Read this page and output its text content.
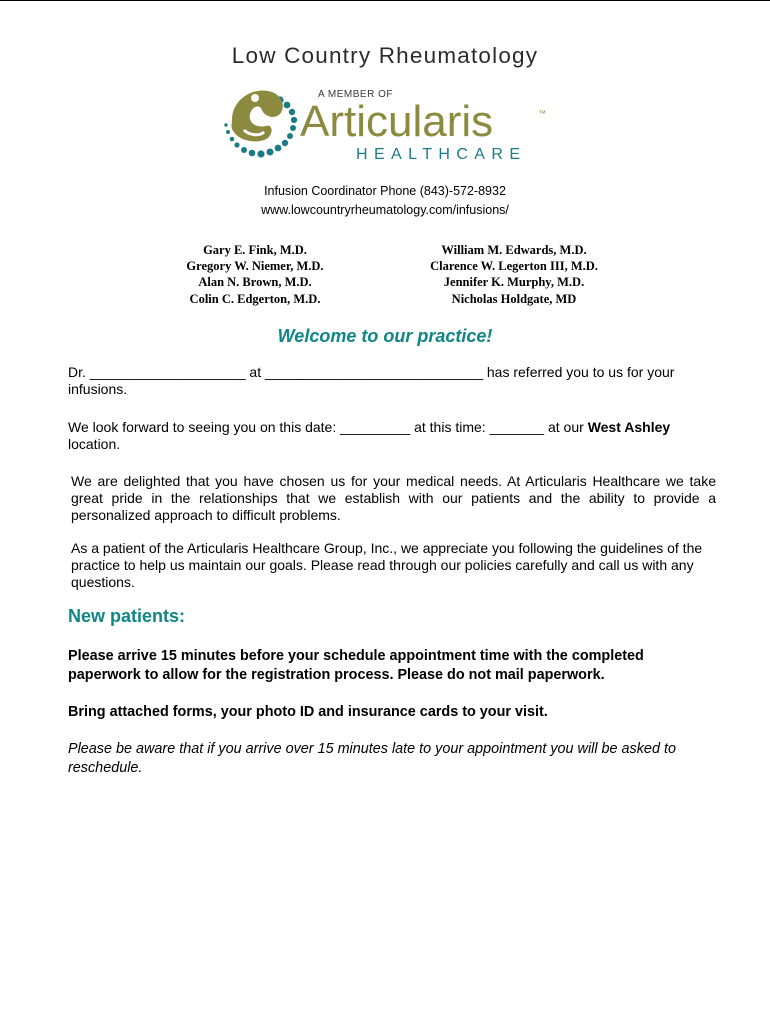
Low Country Rheumatology
A MEMBER OF
Articularis	™
HEALTHCARE
Infusion Coordinator Phone (843)-572-8932
www.lowcountryrheumatology.com/infusions/
Gary E. Fink, M.D.
Gregory W. Niemer, M.D.
Alan N. Brown, M.D.
Colin C. Edgerton, M.D.
William M. Edwards, M.D.
Clarence W. Legerton III, M.D.
Jennifer K. Murphy, M.D.
Nicholas Holdgate, MD
Welcome to our practice!
Dr. ____________________ at ____________________________ has referred you to us for your infusions.
We look forward to seeing you on this date: _________ at this time: _______ at our West Ashley
location.
We are delighted that you have chosen us for your medical needs. At Articularis Healthcare we take great pride in the relationships that we establish with our patients and the ability to provide a personalized approach to difficult problems.
As a patient of the Articularis Healthcare Group, Inc., we appreciate you following the guidelines of the practice to help us maintain our goals. Please read through our policies carefully and call us with any questions.
New patients:
Please arrive 15 minutes before your schedule appointment time with the completed paperwork to allow for the registration process. Please do not mail paperwork.
Bring attached forms, your photo ID and insurance cards to your visit.
Please be aware that if you arrive over 15 minutes late to your appointment you will be asked to reschedule.
